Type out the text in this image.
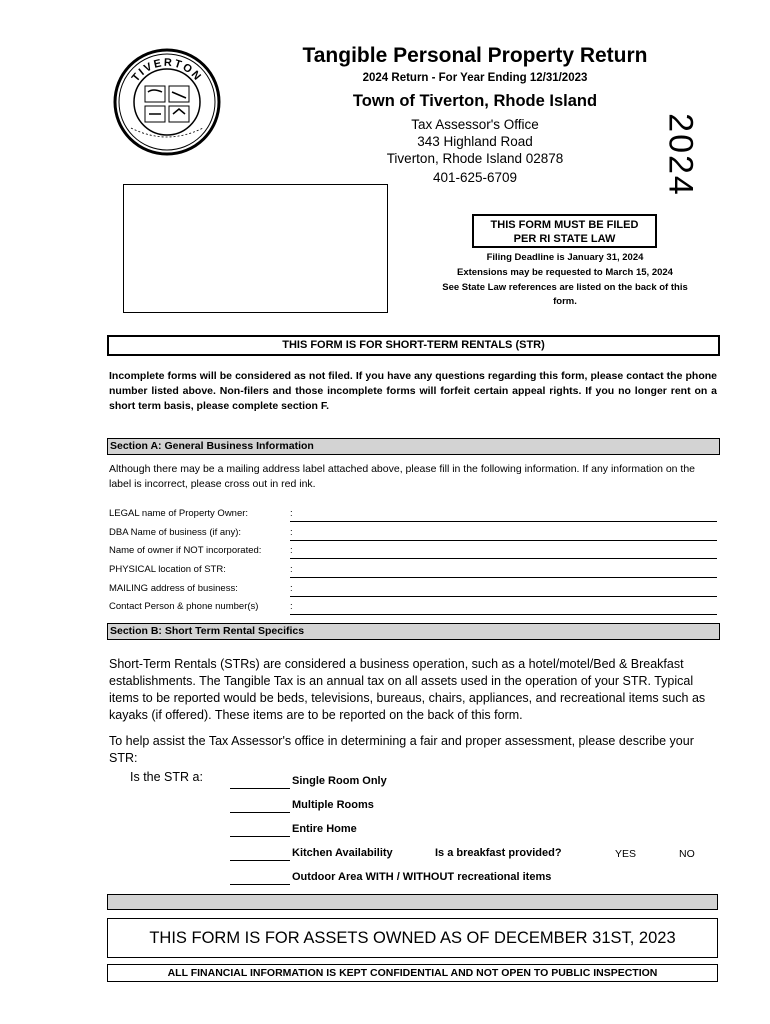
TIVERTON
Tangible Personal Property Return
2024 Return - For Year Ending 12/31/2023
Town of Tiverton, Rhode Island
Tax Assessor's Office
343 Highland Road
Tiverton, Rhode Island 02878
401-625-6709	2024
THIS FORM MUST BE FILED
PER RI STATE LAW
Filing Deadline is January 31, 2024
Extensions may be requested to March 15, 2024
See State Law references are listed on the back of this
form.
THIS FORM IS FOR SHORT-TERM RENTALS (STR)
Incomplete forms will be considered as not filed. If you have any questions regarding this form, please contact the phone number listed above. Non-filers and those incomplete forms will forfeit certain appeal rights. If you no longer rent on a short term basis, please complete section F.
Section A: General Business Information
Although there may be a mailing address label attached above, please fill in the following information. If any information on the label is incorrect, please cross out in red ink.
LEGAL name of Property Owner:	:
DBA Name of business (if any):	:
Name of owner if NOT incorporated:	:
PHYSICAL location of STR:	:
MAILING address of business:	:
Contact Person & phone number(s)	:
Section B: Short Term Rental Specifics
Short-Term Rentals (STRs) are considered a business operation, such as a hotel/motel/Bed & Breakfast establishments. The Tangible Tax is an annual tax on all assets used in the operation of your STR. Typical items to be reported would be beds, televisions, bureaus, chairs, appliances, and recreational items such as kayaks (if offered). These items are to be reported on the back of this form.
To help assist the Tax Assessor's office in determining a fair and proper assessment, please describe your STR:
Is the STR a:	Single Room Only
Multiple Rooms
Entire Home
Kitchen Availability	Is a breakfast provided?	YES	NO
Outdoor Area WITH / WITHOUT recreational items
THIS FORM IS FOR ASSETS OWNED AS OF DECEMBER 31ST, 2023
ALL FINANCIAL INFORMATION IS KEPT CONFIDENTIAL AND NOT OPEN TO PUBLIC INSPECTION
